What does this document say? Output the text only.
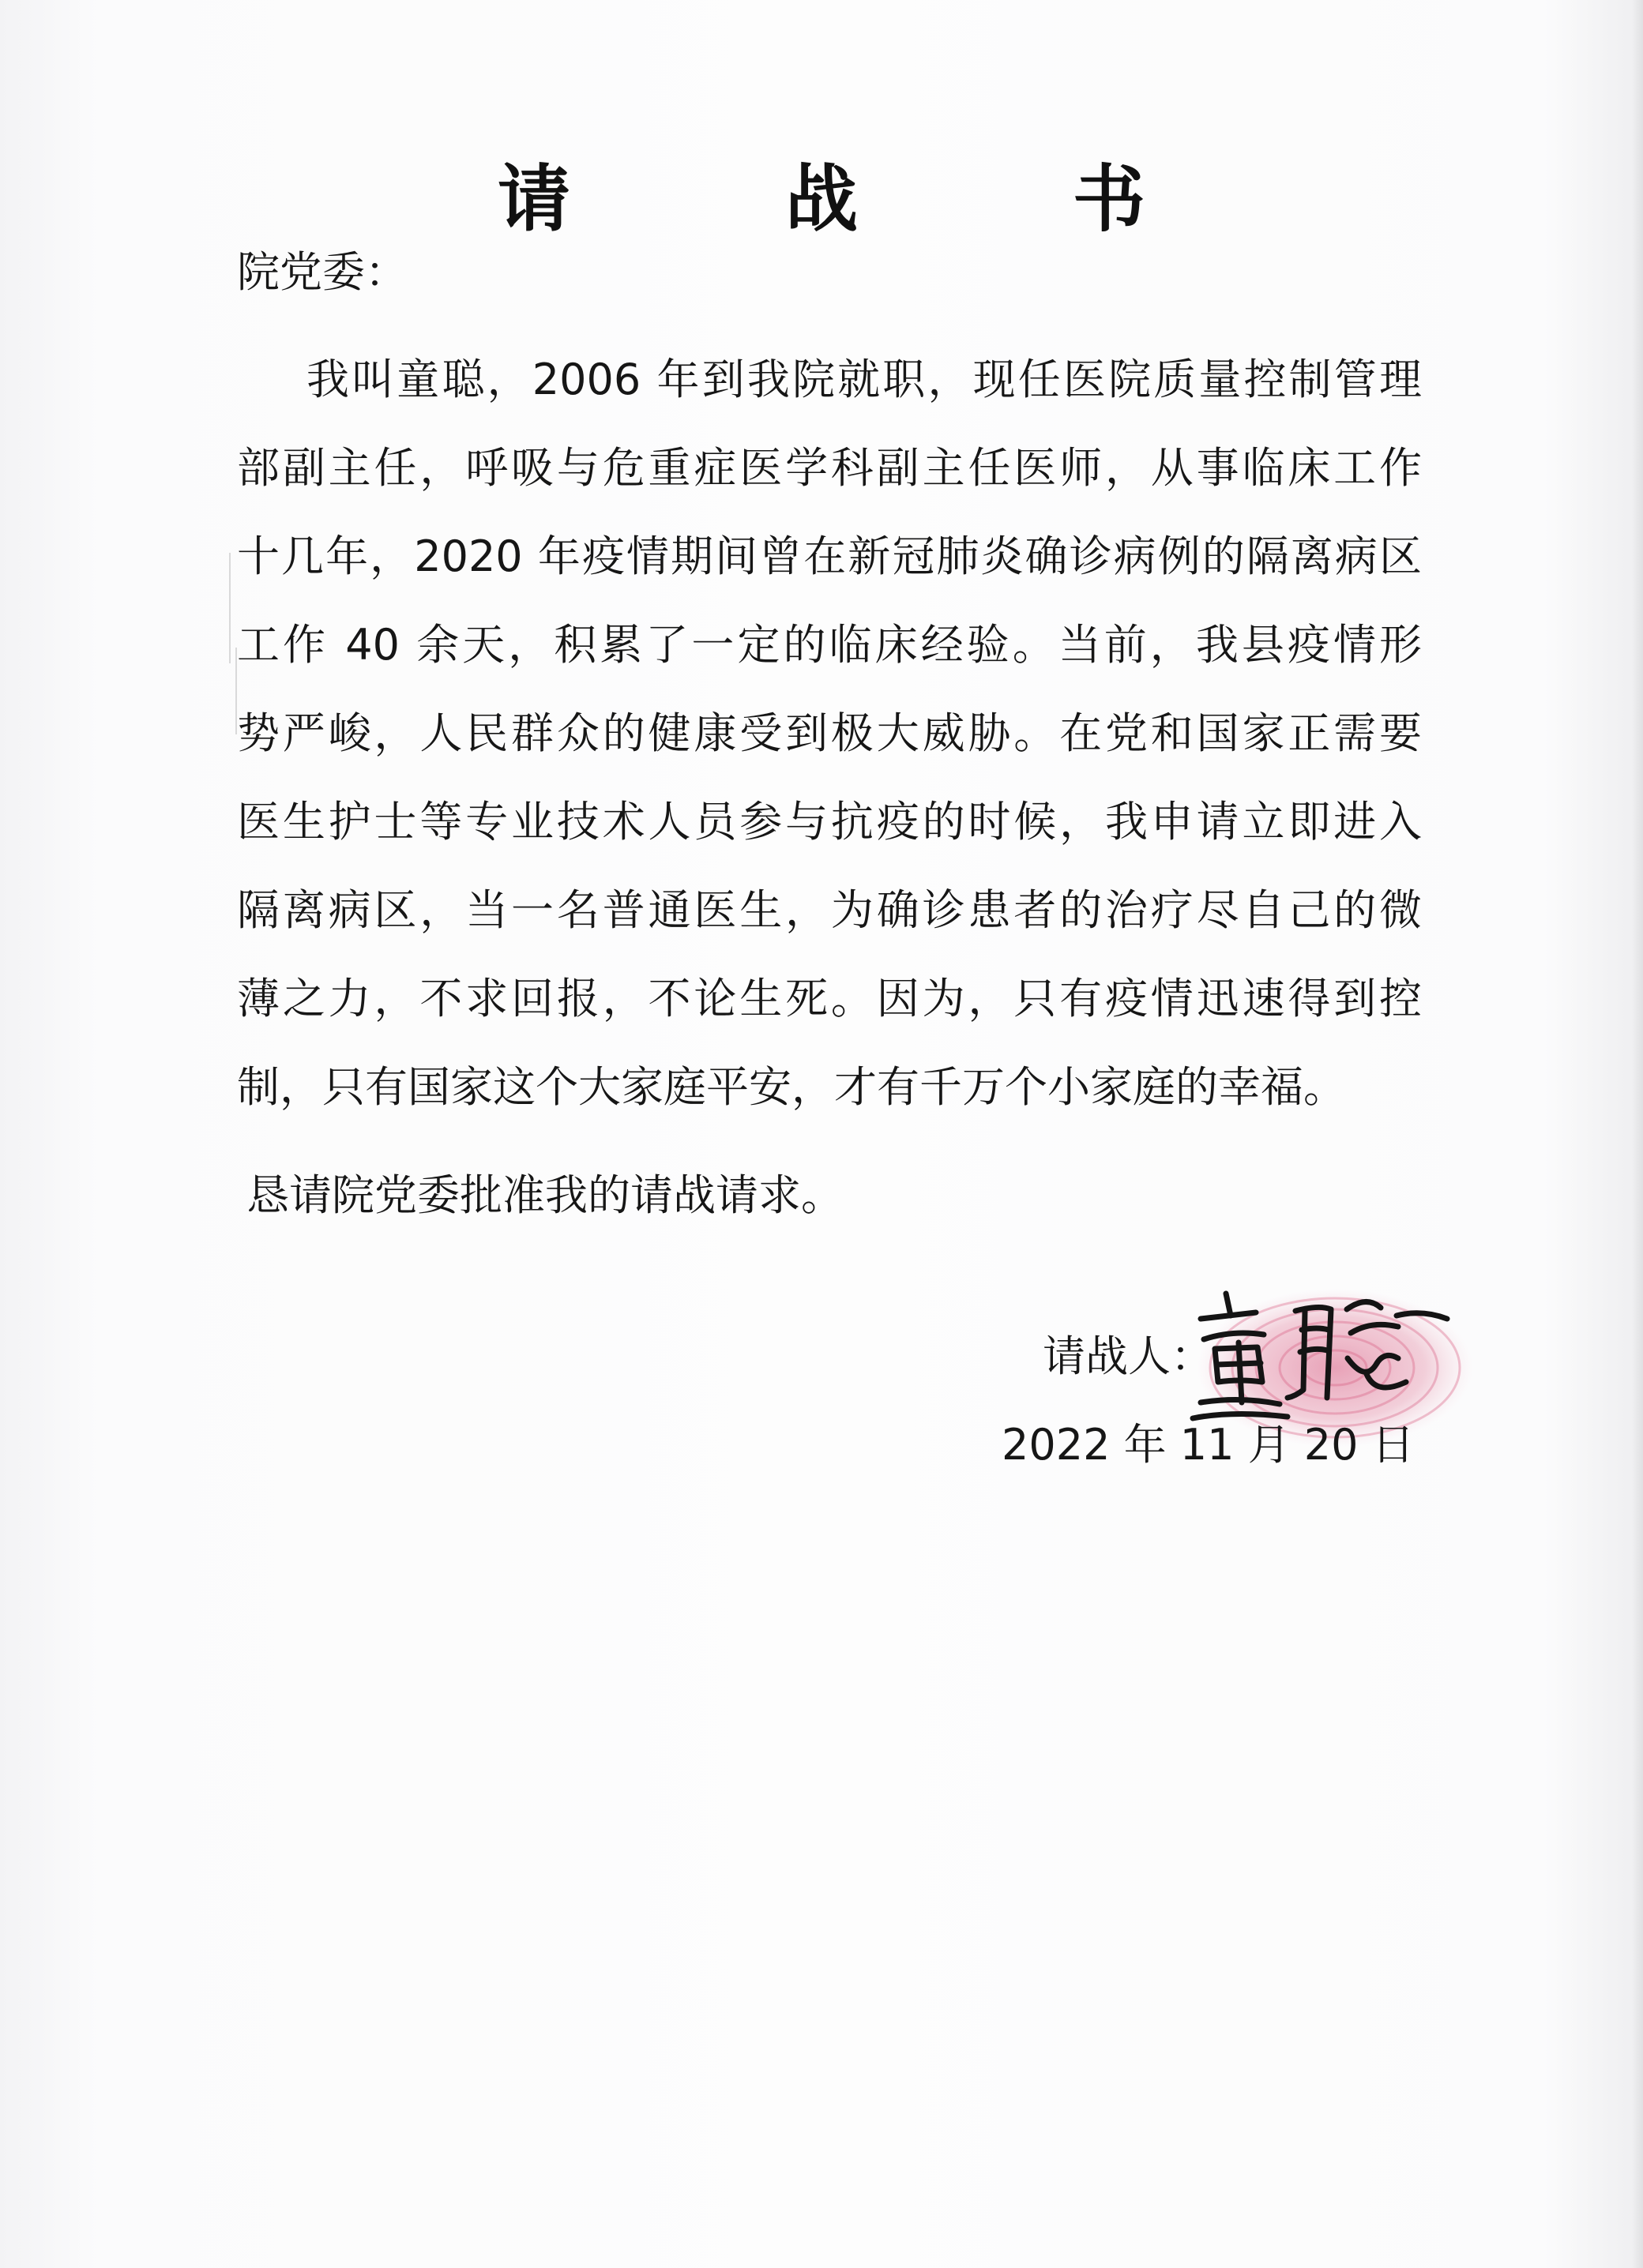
请 战 书
院党委：
我叫童聪，2006 年到我院就职，现任医院质量控制管理
部副主任，呼吸与危重症医学科副主任医师，从事临床工作
十几年，2020 年疫情期间曾在新冠肺炎确诊病例的隔离病区
工作 40 余天，积累了一定的临床经验。当前，我县疫情形
势严峻，人民群众的健康受到极大威胁。在党和国家正需要
医生护士等专业技术人员参与抗疫的时候，我申请立即进入
隔离病区，当一名普通医生，为确诊患者的治疗尽自己的微
薄之力，不求回报，不论生死。因为，只有疫情迅速得到控
制，只有国家这个大家庭平安，才有千万个小家庭的幸福。
恳请院党委批准我的请战请求。
请战人：
2022 年 11 月 20 日
